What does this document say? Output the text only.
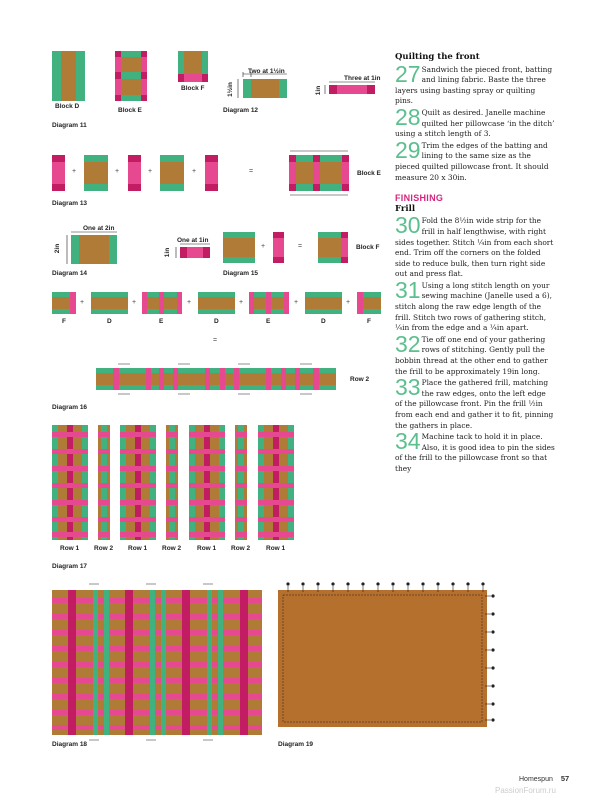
Block D
Block E
Block F
Diagram 11
Two at 1½in
1½in
Three at 1in
1in
Diagram 12
+	+	+	+	=	Block E
Diagram 13
One at 2in
2in
One at 1in
1in
Diagram 14
+	=	Block F
Diagram 15
F	D	E	D	E	D	F
+	+	+	+	+	+
=
Row 2
Diagram 16
Row 1 Row 2 Row 1 Row 2 Row 1 Row 2 Row 1
Diagram 17
Diagram 18	Diagram 19
Quilting the front
27 Sandwich the pieced front, batting and lining fabric. Baste the three layers using basting spray or quilting pins.
28 Quilt as desired. Janelle machine quilted her pillowcase ‘in the ditch’ using a stitch length of 3.
29 Trim the edges of the batting and lining to the same size as the pieced quilted pillowcase front. It should measure 20 x 30in.
FINISHING
Frill
30 Fold the 8½in wide strip for the frill in half lengthwise, with right sides together. Stitch ¼in from each short end. Trim off the corners on the folded side to reduce bulk, then turn right side out and press flat.
31 Using a long stitch length on your sewing machine (Janelle used a 6), stitch along the raw edge length of the frill. Stitch two rows of gathering stitch, ¼in from the edge and a ¼in apart.
32 Tie off one end of your gathering rows of stitching. Gently pull the bobbin thread at the other end to gather the frill to be approximately 19in long.
33 Place the gathered frill, matching the raw edges, onto the left edge of the pillowcase front. Pin the frill ½in from each end and gather it to fit, pinning the gathers in place.
34 Machine tack to hold it in place. Also, it is good idea to pin the sides of the frill to the pillowcase front so that they
Homespun 57
PassionForum.ru
